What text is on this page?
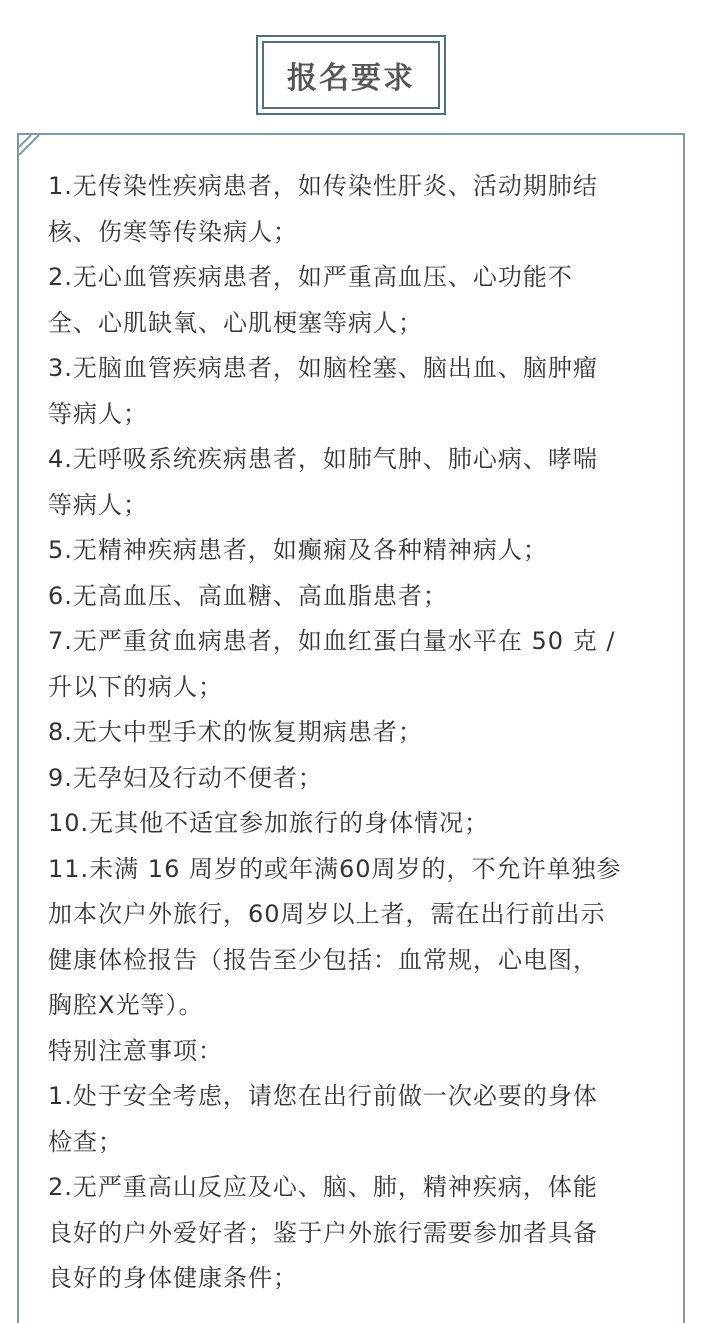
报名要求
1.无传染性疾病患者，如传染性肝炎、活动期肺结
核、伤寒等传染病人；
2.无心血管疾病患者，如严重高血压、心功能不
全、心肌缺氧、心肌梗塞等病人；
3.无脑血管疾病患者，如脑栓塞、脑出血、脑肿瘤
等病人；
4.无呼吸系统疾病患者，如肺气肿、肺心病、哮喘
等病人；
5.无精神疾病患者，如癫痫及各种精神病人；
6.无高血压、高血糖、高血脂患者；
7.无严重贫血病患者，如血红蛋白量水平在 50 克 /
升以下的病人；
8.无大中型手术的恢复期病患者；
9.无孕妇及行动不便者；
10.无其他不适宜参加旅行的身体情况；
11.未满 16 周岁的或年满60周岁的，不允许单独参
加本次户外旅行，60周岁以上者，需在出行前出示
健康体检报告（报告至少包括：血常规，心电图，
胸腔X光等）。
特别注意事项：
1.处于安全考虑，请您在出行前做一次必要的身体
检查；
2.无严重高山反应及心、脑、肺，精神疾病，体能
良好的户外爱好者；鉴于户外旅行需要参加者具备
良好的身体健康条件；
